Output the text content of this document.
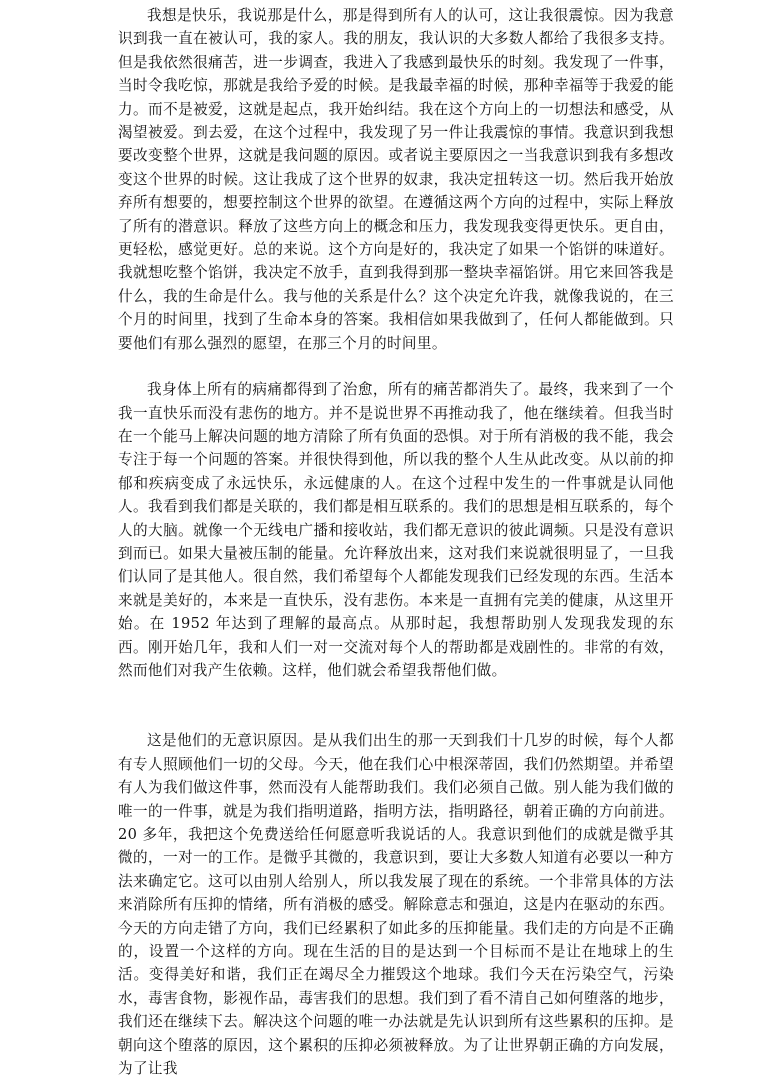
我想是快乐，我说那是什么，那是得到所有人的认可，这让我很震惊。因为我意识到我一直在被认可，我的家人。我的朋友，我认识的大多数人都给了我很多支持。但是我依然很痛苦，进一步调查，我进入了我感到最快乐的时刻。我发现了一件事，当时令我吃惊，那就是我给予爱的时候。是我最幸福的时候，那种幸福等于我爱的能力。而不是被爱，这就是起点，我开始纠结。我在这个方向上的一切想法和感受，从渴望被爱。到去爱，在这个过程中，我发现了另一件让我震惊的事情。我意识到我想要改变整个世界，这就是我问题的原因。或者说主要原因之一当我意识到我有多想改变这个世界的时候。这让我成了这个世界的奴隶，我决定扭转这一切。然后我开始放弃所有想要的，想要控制这个世界的欲望。在遵循这两个方向的过程中，实际上释放了所有的潜意识。释放了这些方向上的概念和压力，我发现我变得更快乐。更自由，更轻松，感觉更好。总的来说。这个方向是好的，我决定了如果一个馅饼的味道好。我就想吃整个馅饼，我决定不放手，直到我得到那一整块幸福馅饼。用它来回答我是什么，我的生命是什么。我与他的关系是什么？这个决定允许我，就像我说的，在三个月的时间里，找到了生命本身的答案。我相信如果我做到了，任何人都能做到。只要他们有那么强烈的愿望，在那三个月的时间里。

我身体上所有的病痛都得到了治愈，所有的痛苦都消失了。最终，我来到了一个我一直快乐而没有悲伤的地方。并不是说世界不再推动我了，他在继续着。但我当时在一个能马上解决问题的地方清除了所有负面的恐惧。对于所有消极的我不能，我会专注于每一个问题的答案。并很快得到他，所以我的整个人生从此改变。从以前的抑郁和疾病变成了永远快乐，永远健康的人。在这个过程中发生的一件事就是认同他人。我看到我们都是关联的，我们都是相互联系的。我们的思想是相互联系的，每个人的大脑。就像一个无线电广播和接收站，我们都无意识的彼此调频。只是没有意识到而已。如果大量被压制的能量。允许释放出来，这对我们来说就很明显了，一旦我们认同了是其他人。很自然，我们希望每个人都能发现我们已经发现的东西。生活本来就是美好的，本来是一直快乐，没有悲伤。本来是一直拥有完美的健康，从这里开始。在 1952 年达到了理解的最高点。从那时起，我想帮助别人发现我发现的东西。刚开始几年，我和人们一对一交流对每个人的帮助都是戏剧性的。非常的有效，然而他们对我产生依赖。这样，他们就会希望我帮他们做。

这是他们的无意识原因。是从我们出生的那一天到我们十几岁的时候，每个人都有专人照顾他们一切的父母。今天，他在我们心中根深蒂固，我们仍然期望。并希望有人为我们做这件事，然而没有人能帮助我们。我们必须自己做。别人能为我们做的唯一的一件事，就是为我们指明道路，指明方法，指明路径，朝着正确的方向前进。20 多年，我把这个免费送给任何愿意听我说话的人。我意识到他们的成就是微乎其微的，一对一的工作。是微乎其微的，我意识到，要让大多数人知道有必要以一种方法来确定它。这可以由别人给别人，所以我发展了现在的系统。一个非常具体的方法来消除所有压抑的情绪，所有消极的感受。解除意志和强迫，这是内在驱动的东西。今天的方向走错了方向，我们已经累积了如此多的压抑能量。我们走的方向是不正确的，设置一个这样的方向。现在生活的目的是达到一个目标而不是让在地球上的生活。变得美好和谐，我们正在竭尽全力摧毁这个地球。我们今天在污染空气，污染水，毒害食物，影视作品，毒害我们的思想。我们到了看不清自己如何堕落的地步，我们还在继续下去。解决这个问题的唯一办法就是先认识到所有这些累积的压抑。是朝向这个堕落的原因，这个累积的压抑必须被释放。为了让世界朝正确的方向发展，为了让我
